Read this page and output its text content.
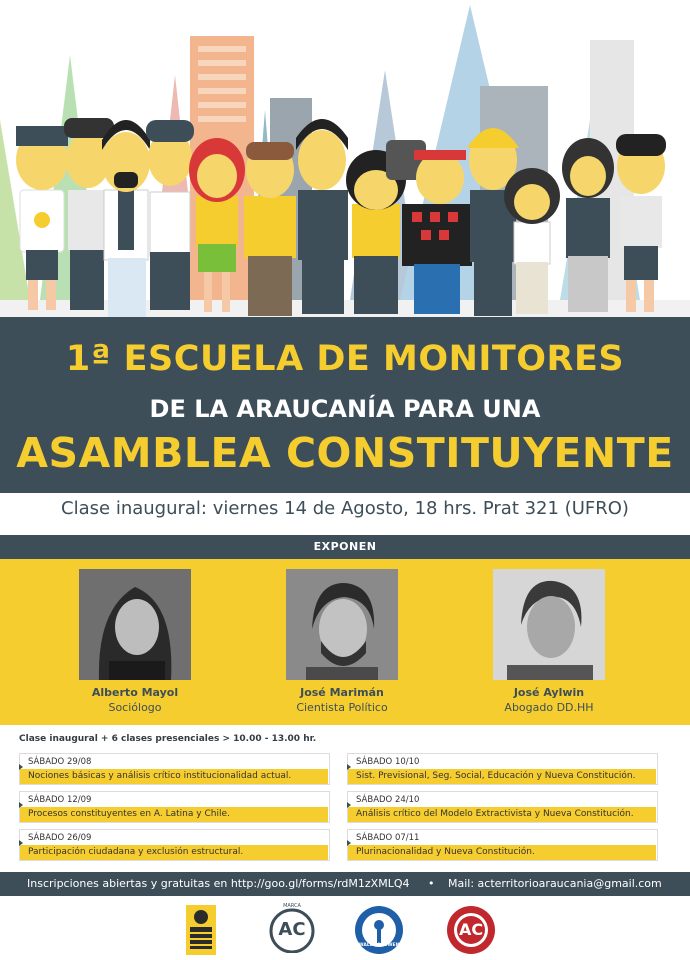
1ª ESCUELA DE MONITORES
DE LA ARAUCANÍA PARA UNA
ASAMBLEA CONSTITUYENTE
Clase inaugural: viernes 14 de Agosto, 18 hrs. Prat 321 (UFRO)
EXPONEN
Alberto Mayol
Sociólogo
José Marimán
Cientista Político
José Aylwin
Abogado DD.HH
Clase inaugural + 6 clases presenciales > 10.00 - 13.00 hr.
SÁBADO 29/08
Nociones básicas y análisis crítico institucionalidad actual.
SÁBADO 12/09
Procesos constituyentes en A. Latina y Chile.
SÁBADO 26/09
Participación ciudadana y exclusión estructural.
SÁBADO 10/10
Sist. Previsional, Seg. Social, Educación y Nueva Constitución.
SÁBADO 24/10
Análisis crítico del Modelo Extractivista y Nueva Constitución.
SÁBADO 07/11
Plurinacionalidad y Nueva Constitución.
Inscripciones abiertas y gratuitas en http://goo.gl/forms/rdM1zXMLQ4 • Mail: acterritorioaraucania@gmail.com
MARCA
AC
WALLMAPUWEN
AC
